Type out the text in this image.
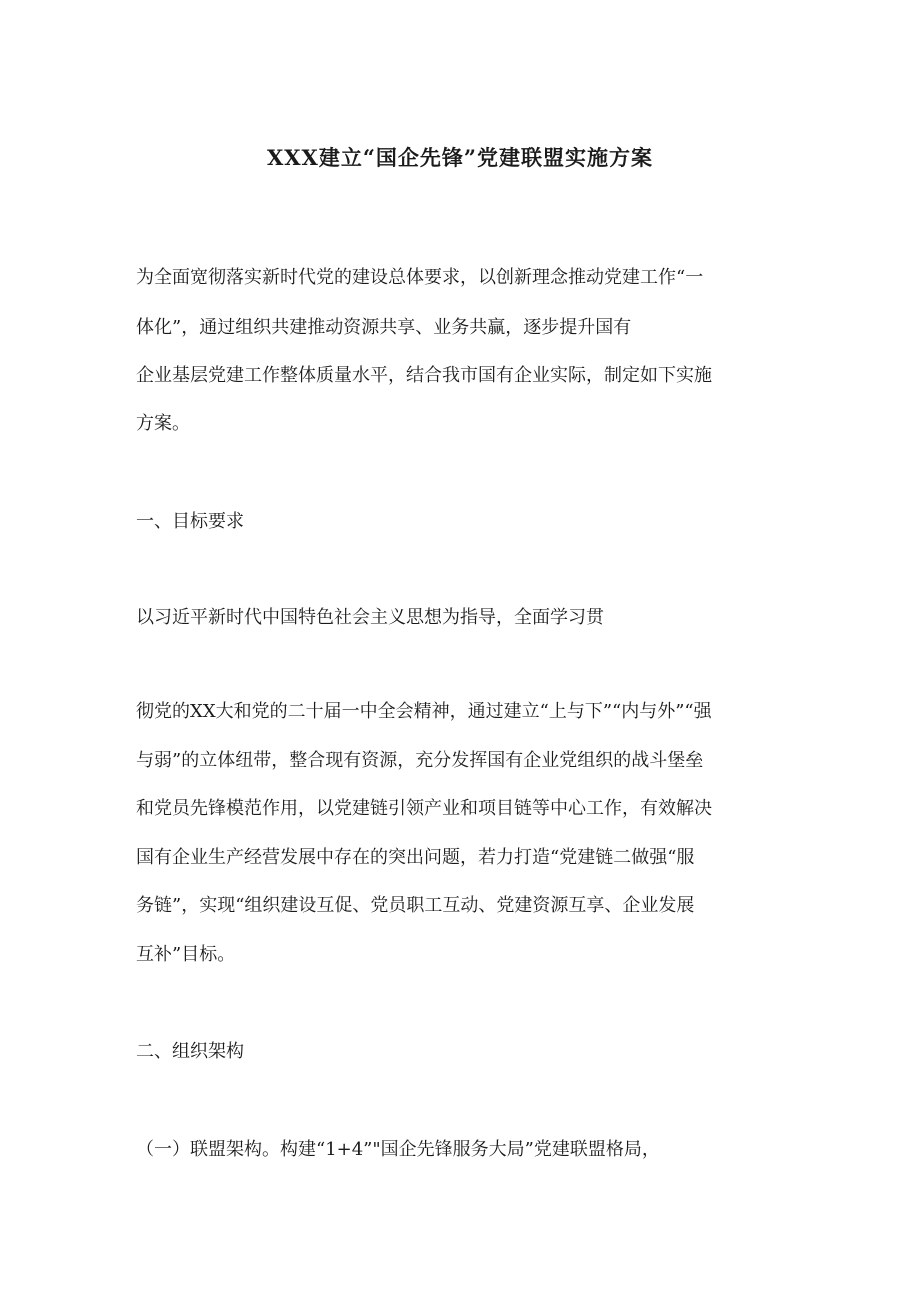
XXX建立“国企先锋”党建联盟实施方案
为全面宽彻落实新时代党的建设总体要求，以创新理念推动党建工作“一
体化”，通过组织共建推动资源共享、业务共赢，逐步提升国有
企业基层党建工作整体质量水平，结合我市国有企业实际，制定如下实施
方案。
一、目标要求
以习近平新时代中国特色社会主义思想为指导，全面学习贯
彻党的XX大和党的二十届一中全会精神，通过建立“上与下”“内与外”“强
与弱”的立体纽带，整合现有资源，充分发挥国有企业党组织的战斗堡垒
和党员先锋模范作用，以党建链引领产业和项目链等中心工作，有效解决
国有企业生产经营发展中存在的突出问题，若力打造“党建链二做强“服
务链”，实现“组织建设互促、党员职工互动、党建资源互享、企业发展
互补”目标。
二、组织架构
（一）联盟架构。构建“1+4”"国企先锋服务大局”党建联盟格局，
